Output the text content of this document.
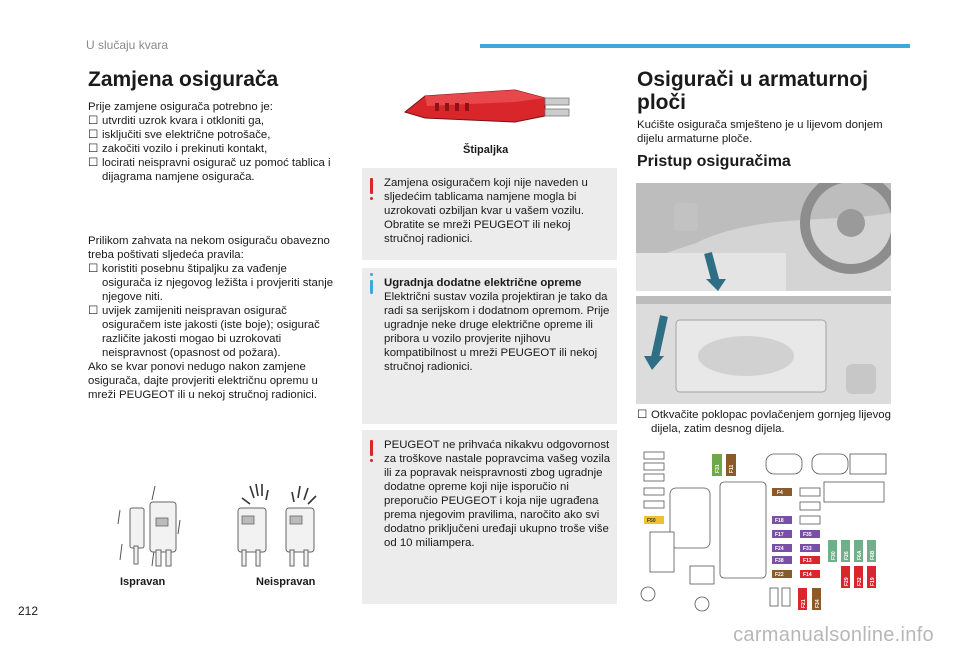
U slučaju kvara
Zamjena osigurača
Prije zamjene osigurača potrebno je:
☐ utvrditi uzrok kvara i otkloniti ga,
☐ isključiti sve električne potrošače,
☐ zakočiti vozilo i prekinuti kontakt,
☐ locirati neispravni osigurač uz pomoć tablica i dijagrama namjene osigurača.
Prilikom zahvata na nekom osiguraču obavezno treba poštivati sljedeća pravila:
☐ koristiti posebnu štipaljku za vađenje osigurača iz njegovog ležišta i provjeriti stanje njegove niti.
☐ uvijek zamijeniti neispravan osigurač osiguračem iste jakosti (iste boje); osigurač različite jakosti mogao bi uzrokovati neispravnost (opasnost od požara).
Ako se kvar ponovi nedugo nakon zamjene osigurača, dajte provjeriti električnu opremu u mreži PEUGEOT ili u nekoj stručnoj radionici.
Ispravan	Neispravan
Štipaljka
Zamjena osiguračem koji nije naveden u sljedećim tablicama namjene mogla bi uzrokovati ozbiljan kvar u vašem vozilu. Obratite se mreži PEUGEOT ili nekoj stručnoj radionici.
Ugradnja dodatne električne opreme
Električni sustav vozila projektiran je tako da radi sa serijskom i dodatnom opremom. Prije ugradnje neke druge električne opreme ili pribora u vozilo provjerite njihovu kompatibilnost u mreži PEUGEOT ili nekoj stručnoj radionici.
PEUGEOT ne prihvaća nikakvu odgovornost za troškove nastale popravcima vašeg vozila ili za popravak neispravnosti zbog ugradnje dodatne opreme koji nije isporučio ni preporučio PEUGEOT i koja nije ugrađena prema njegovim pravilima, naročito ako svi dodatno priključeni uređaji ukupno troše više od 10 miliampera.
Osigurači u armaturnoj ploči
Kućište osigurača smješteno je u lijevom donjem dijelu armaturne ploče.
Pristup osiguračima
☐ Otkvačite poklopac povlačenjem gornjeg lijevog dijela, zatim desnog dijela.
F31 F11
F4
F50	F18
F35
F17
F24	F33
F38	F13
F22	F14
F30 F26 F6A F6B
F29 F32 F19
F21 F34
212
carmanualsonline.info
